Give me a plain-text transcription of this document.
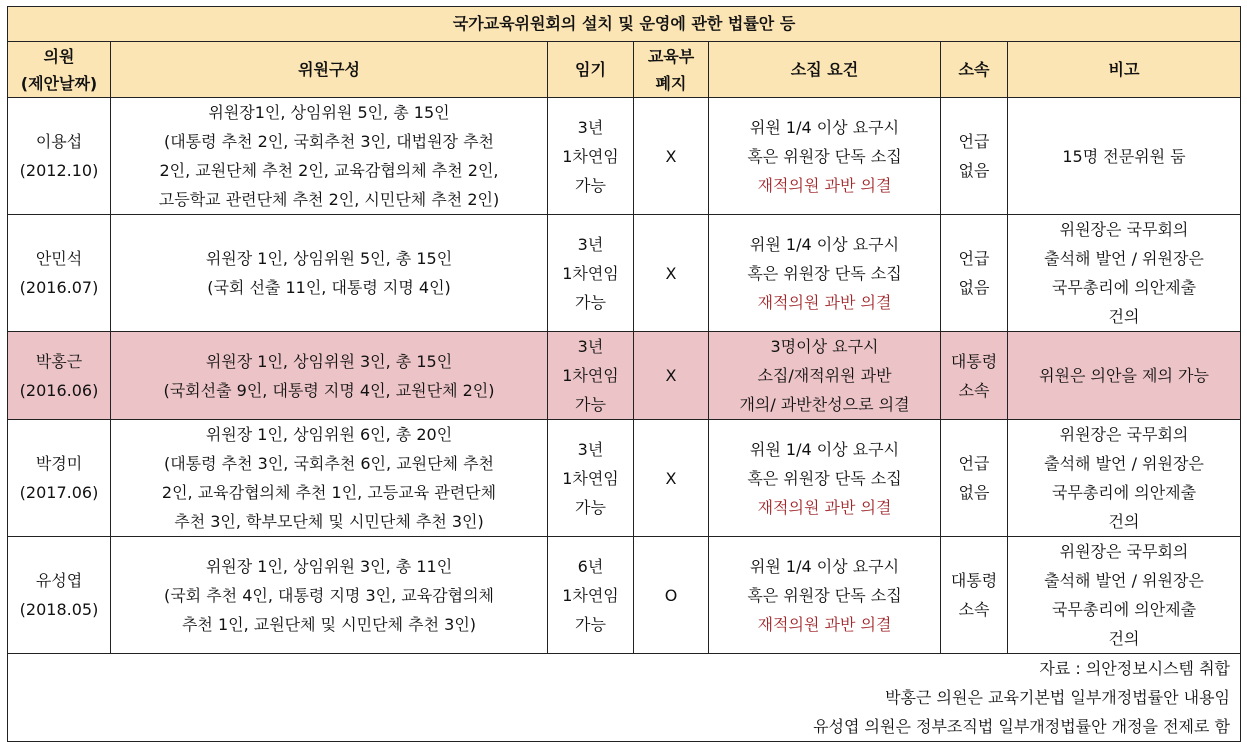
국가교육위원회의 설치 및 운영에 관한 법률안 등						

의원
(제안날짜)	위원구성	임기	교육부
폐지	소집 요건	소속	비고

이용섭
(2012.10)	위원장1인, 상임위원 5인, 총 15인
(대통령 추천 2인, 국회추천 3인, 대법원장 추천
2인, 교원단체 추천 2인, 교육감협의체 추천 2인,
고등학교 관련단체 추천 2인, 시민단체 추천 2인)	3년
1차연임
가능	X	위원 1/4 이상 요구시
혹은 위원장 단독 소집
재적의원 과반 의결	언급
없음	15명 전문위원 둠

안민석
(2016.07)	위원장 1인, 상임위원 5인, 총 15인
(국회 선출 11인, 대통령 지명 4인)	3년
1차연임
가능	X	위원 1/4 이상 요구시
혹은 위원장 단독 소집
재적의원 과반 의결	언급
없음	위원장은 국무회의
출석해 발언 / 위원장은
국무총리에 의안제출
건의

박홍근
(2016.06)	위원장 1인, 상임위원 3인, 총 15인
(국회선출 9인, 대통령 지명 4인, 교원단체 2인)	3년
1차연임
가능	X	3명이상 요구시
소집/재적위원 과반
개의/ 과반찬성으로 의결	대통령
소속	위원은 의안을 제의 가능

박경미
(2017.06)	위원장 1인, 상임위원 6인, 총 20인
(대통령 추천 3인, 국회추천 6인, 교원단체 추천
2인, 교육감협의체 추천 1인, 고등교육 관련단체
추천 3인, 학부모단체 및 시민단체 추천 3인)	3년
1차연임
가능	X	위원 1/4 이상 요구시
혹은 위원장 단독 소집
재적의원 과반 의결	언급
없음	위원장은 국무회의
출석해 발언 / 위원장은
국무총리에 의안제출
건의

유성엽
(2018.05)	위원장 1인, 상임위원 3인, 총 11인
(국회 추천 4인, 대통령 지명 3인, 교육감협의체
추천 1인, 교원단체 및 시민단체 추천 3인)	6년
1차연임
가능	O	위원 1/4 이상 요구시
혹은 위원장 단독 소집
재적의원 과반 의결	대통령
소속	위원장은 국무회의
출석해 발언 / 위원장은
국무총리에 의안제출
건의

자료 : 의안정보시스템 취합
박홍근 의원은 교육기본법 일부개정법률안 내용임
유성엽 의원은 정부조직법 일부개정법률안 개정을 전제로 함						
